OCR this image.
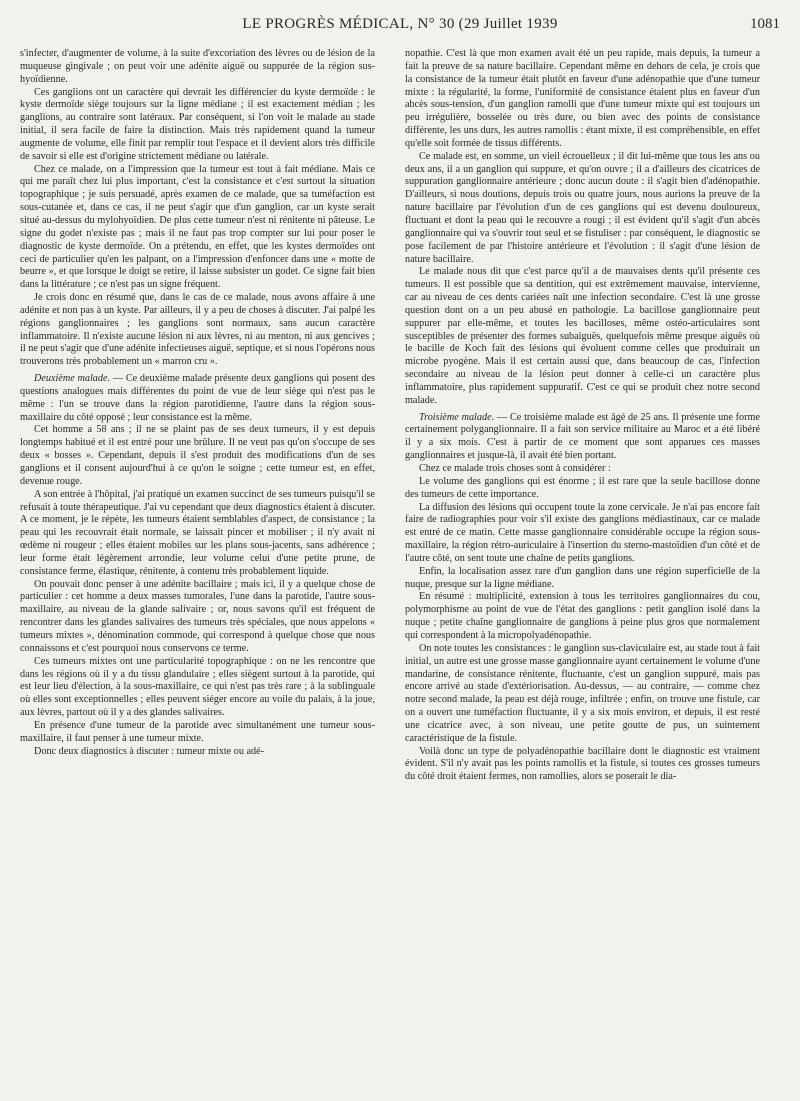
LE PROGRÈS MÉDICAL, N° 30 (29 Juillet 1939	1081

s'infecter, d'augmenter de volume, à la suite d'excoriation des lèvres ou de lésion de la muqueuse gingivale ; on peut voir une adénite aiguë ou suppurée de la région sus-hyoïdienne.

Ces ganglions ont un caractère qui devrait les différencier du kyste dermoïde : le kyste dermoïde siège toujours sur la ligne médiane ; il est exactement médian ; les ganglions, au contraire sont latéraux. Par conséquent, si l'on voit le malade au stade initial, il sera facile de faire la distinction. Mais très rapidement quand la tumeur augmente de volume, elle finit par remplir tout l'espace et il devient alors très difficile de savoir si elle est d'origine strictement médiane ou latérale.

Chez ce malade, on a l'impression que la tumeur est tout à fait médiane. Mais ce qui me paraît chez lui plus important, c'est la consistance et c'est surtout la situation topographique ; je suis persuadé, après examen de ce malade, que sa tuméfaction est sous-cutanée et, dans ce cas, il ne peut s'agir que d'un ganglion, car un kyste serait situé au-dessus du mylohyoïdien. De plus cette tumeur n'est ni rénitente ni pâteuse. Le signe du godet n'existe pas ; mais il ne faut pas trop compter sur lui pour poser le diagnostic de kyste dermoïde. On a prétendu, en effet, que les kystes dermoïdes ont ceci de particulier qu'en les palpant, on a l'impression d'enfoncer dans une « motte de beurre », et que lorsque le doigt se retire, il laisse subsister un godet. Ce signe fait bien dans la littérature ; ce n'est pas un signe fréquent.

Je crois donc en résumé que, dans le cas de ce malade, nous avons affaire à une adénite et non pas à un kyste. Par ailleurs, il y a peu de choses à discuter. J'ai palpé les régions ganglionnaires ; les ganglions sont normaux, sans aucun caractère inflammatoire. Il n'existe aucune lésion ni aux lèvres, ni au menton, ni aux gencives ; il ne peut s'agir que d'une adénite infectieuses aiguë, septique, et si nous l'opérons nous trouverons très probablement un « marron cru ».

Deuxième malade. — Ce deuxième malade présente deux ganglions qui posent des questions analogues mais différentes du point de vue de leur siège qui n'est pas le même : l'un se trouve dans la région parotidienne, l'autre dans la région sous-maxillaire du côté opposé ; leur consistance est la même.

Cet homme a 58 ans ; il ne se plaint pas de ses deux tumeurs, il y est depuis longtemps habitué et il est entré pour une brûlure. Il ne veut pas qu'on s'occupe de ses deux « bosses ». Cependant, depuis il s'est produit des modifications d'un de ses ganglions et il consent aujourd'hui à ce qu'on le soigne ; cette tumeur est, en effet, devenue rouge.

A son entrée à l'hôpital, j'ai pratiqué un examen succinct de ses tumeurs puisqu'il se refusait à toute thérapeutique. J'ai vu cependant que deux diagnostics étaient à discuter. A ce moment, je le répète, les tumeurs étaient semblables d'aspect, de consistance ; la peau qui les recouvrait était normale, se laissait pincer et mobiliser ; il n'y avait ni œdème ni rougeur ; elles étaient mobiles sur les plans sous-jacents, sans adhérence ; leur forme était légèrement arrondie, leur volume celui d'une petite prune, de consistance ferme, élastique, rénitente, à contenu très probablement liquide.

On pouvait donc penser à une adénite bacillaire ; mais ici, il y a quelque chose de particulier : cet homme a deux masses tumorales, l'une dans la parotide, l'autre sous-maxillaire, au niveau de la glande salivaire ; or, nous savons qu'il est fréquent de rencontrer dans les glandes salivaires des tumeurs très spéciales, que nous appelons « tumeurs mixtes », dénomination commode, qui correspond à quelque chose que nous connaissons et c'est pourquoi nous conservons ce terme.

Ces tumeurs mixtes ont une particularité topographique : on ne les rencontre que dans les régions où il y a du tissu glandulaire ; elles siègent surtout à la parotide, qui est leur lieu d'élection, à la sous-maxillaire, ce qui n'est pas très rare ; à la sublinguale où elles sont exceptionnelles ; elles peuvent siéger encore au voile du palais, à la joue, aux lèvres, partout où il y a des glandes salivaires.

En présence d'une tumeur de la parotide avec simultanément une tumeur sous-maxillaire, il faut penser à une tumeur mixte.

Donc deux diagnostics à discuter : tumeur mixte ou adé-

nopathie. C'est là que mon examen avait été un peu rapide, mais depuis, la tumeur a fait la preuve de sa nature bacillaire. Cependant même en dehors de cela, je crois que la consistance de la tumeur était plutôt en faveur d'une adénopathie que d'une tumeur mixte : la régularité, la forme, l'uniformité de consistance étaient plus en faveur d'un abcès sous-tension, d'un ganglion ramolli que d'une tumeur mixte qui est toujours un peu irrégulière, bosselée ou très dure, ou bien avec des points de consistance différente, les uns durs, les autres ramollis : étant mixte, il est compréhensible, en effet qu'elle soit formée de tissus différents.

Ce malade est, en somme, un vieil écrouelleux ; il dit lui-même que tous les ans ou deux ans, il a un ganglion qui suppure, et qu'on ouvre ; il a d'ailleurs des cicatrices de suppuration ganglionnaire antérieure ; donc aucun doute : il s'agit bien d'adénopathie. D'ailleurs, si nous doutions, depuis trois ou quatre jours, nous aurions la preuve de la nature bacillaire par l'évolution d'un de ces ganglions qui est devenu douloureux, fluctuant et dont la peau qui le recouvre a rougi ; il est évident qu'il s'agit d'un abcès ganglionnaire qui va s'ouvrir tout seul et se fistuliser : par conséquent, le diagnostic se pose facilement de par l'histoire antérieure et l'évolution : il s'agit d'une lésion de nature bacillaire.

Le malade nous dit que c'est parce qu'il a de mauvaises dents qu'il présente ces tumeurs. Il est possible que sa dentition, qui est extrêmement mauvaise, intervienne, car au niveau de ces dents cariées naît une infection secondaire. C'est là une grosse question dont on a un peu abusé en pathologie. La bacillose ganglionnaire peut suppurer par elle-même, et toutes les bacilloses, même ostéo-articulaires sont susceptibles de présenter des formes subaiguës, quelquefois même presque aiguës où le bacille de Koch fait des lésions qui évoluent comme celles que produirait un microbe pyogène. Mais il est certain aussi que, dans beaucoup de cas, l'infection secondaire au niveau de la lésion peut donner à celle-ci un caractère plus inflammatoire, plus rapidement suppuratif. C'est ce qui se produit chez notre second malade.

Troisième malade. — Ce troisième malade est âgé de 25 ans. Il présente une forme certainement polyganglionnaire. Il a fait son service militaire au Maroc et a été libéré il y a six mois. C'est à partir de ce moment que sont apparues ces masses ganglionnaires et jusque-là, il avait été bien portant.

Chez ce malade trois choses sont à considérer :

Le volume des ganglions qui est énorme ; il est rare que la seule bacillose donne des tumeurs de cette importance.

La diffusion des lésions qui occupent toute la zone cervicale. Je n'ai pas encore fait faire de radiographies pour voir s'il existe des ganglions médiastinaux, car ce malade est entré de ce matin. Cette masse ganglionnaire considérable occupe la région sous-maxillaire, la région rétro-auriculaire à l'insertion du sterno-mastoïdien d'un côté et de l'autre côté, on sent toute une chaîne de petits ganglions.

Enfin, la localisation assez rare d'un ganglion dans une région superficielle de la nuque, presque sur la ligne médiane.

En résumé : multiplicité, extension à tous les territoires ganglionnaires du cou, polymorphisme au point de vue de l'état des ganglions : petit ganglion isolé dans la nuque ; petite chaîne ganglionnaire de ganglions à peine plus gros que normalement qui correspondent à la micropolyadénopathie.

On note toutes les consistances : le ganglion sus-claviculaire est, au stade tout à fait initial, un autre est une grosse masse ganglionnaire ayant certainement le volume d'une mandarine, de consistance rénitente, fluctuante, c'est un ganglion suppuré, mais pas encore arrivé au stade d'extériorisation. Au-dessus, — au contraire, — comme chez notre second malade, la peau est déjà rouge, infiltrée ; enfin, on trouve une fistule, car on a ouvert une tuméfaction fluctuante, il y a six mois environ, et depuis, il est resté une cicatrice avec, à son niveau, une petite goutte de pus, un suintement caractéristique de la fistule.

Voilà donc un type de polyadénopathie bacillaire dont le diagnostic est vraiment évident. S'il n'y avait pas les points ramollis et la fistule, si toutes ces grosses tumeurs du côté droit étaient fermes, non ramollies, alors se poserait le dia-
